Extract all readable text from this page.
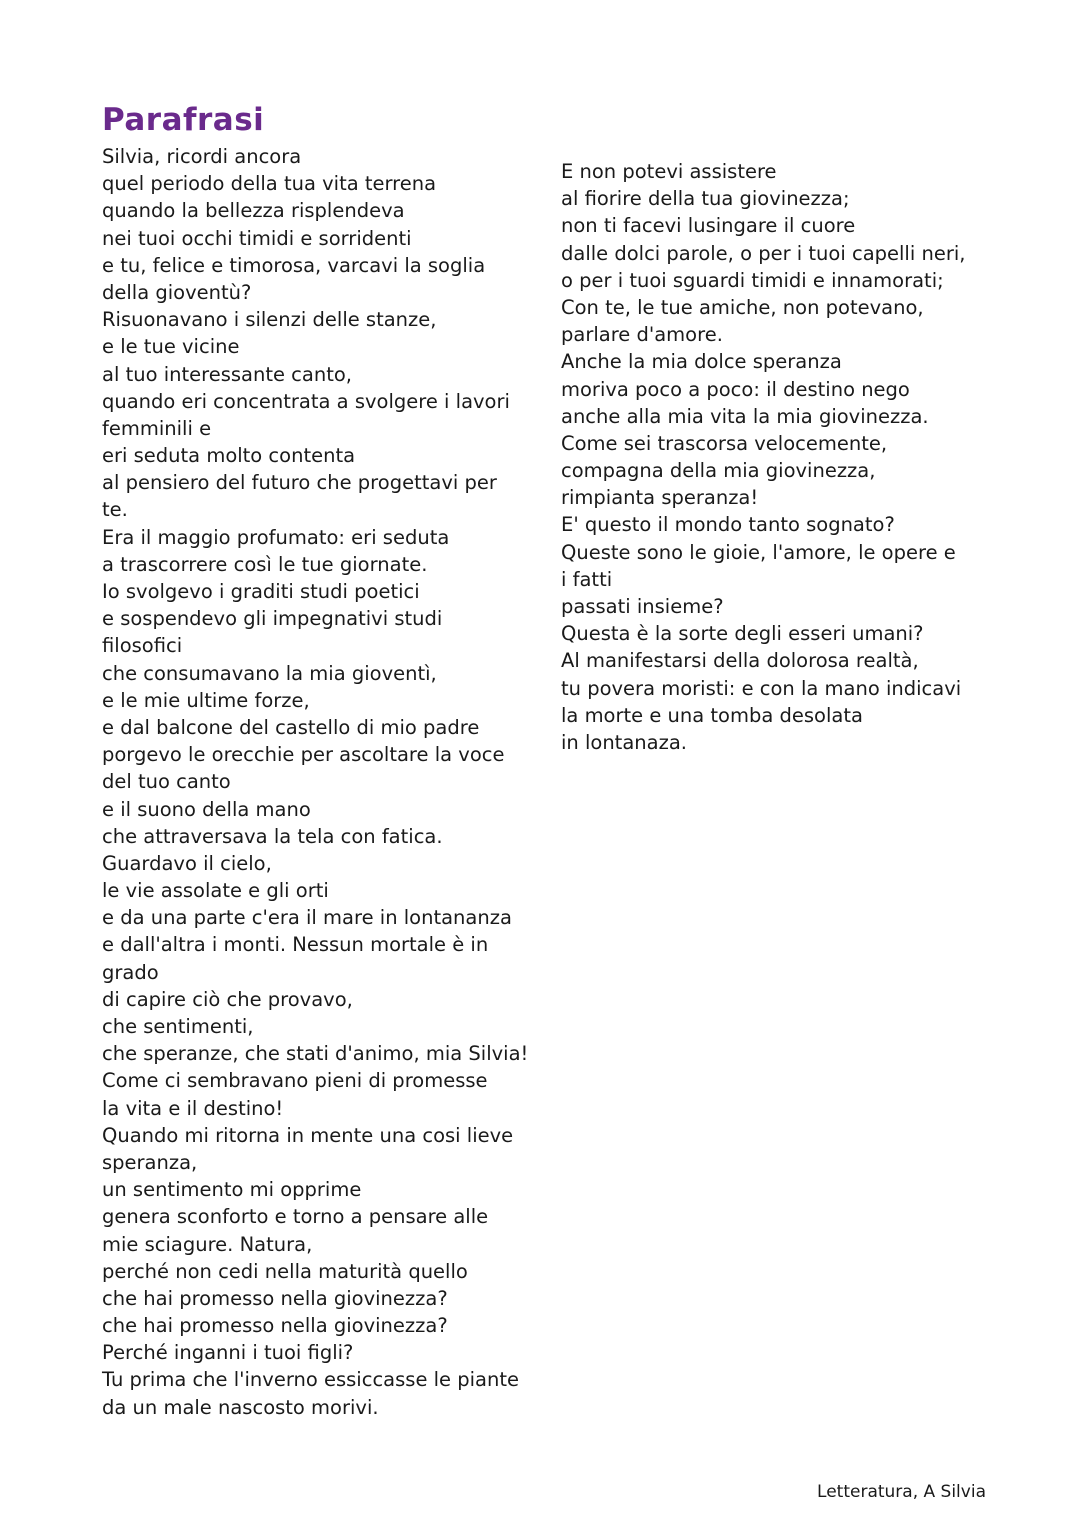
Parafrasi
Silvia, ricordi ancora
quel periodo della tua vita terrena
quando la bellezza risplendeva
nei tuoi occhi timidi e sorridenti
e tu, felice e timorosa, varcavi la soglia
della gioventù?
Risuonavano i silenzi delle stanze,
e le tue vicine
al tuo interessante canto,
quando eri concentrata a svolgere i lavori
femminili e
eri seduta molto contenta
al pensiero del futuro che progettavi per
te.
Era il maggio profumato: eri seduta
a trascorrere così le tue giornate.
Io svolgevo i graditi studi poetici
e sospendevo gli impegnativi studi
filosofici
che consumavano la mia gioventì,
e le mie ultime forze,
e dal balcone del castello di mio padre
porgevo le orecchie per ascoltare la voce
del tuo canto
e il suono della mano
che attraversava la tela con fatica.
Guardavo il cielo,
le vie assolate e gli orti
e da una parte c'era il mare in lontananza
e dall'altra i monti. Nessun mortale è in
grado
di capire ciò che provavo,
che sentimenti,
che speranze, che stati d'animo, mia Silvia!
Come ci sembravano pieni di promesse
la vita e il destino!
Quando mi ritorna in mente una cosi lieve
speranza,
un sentimento mi opprime
genera sconforto e torno a pensare alle
mie sciagure. Natura,
perché non cedi nella maturità quello
che hai promesso nella giovinezza?
che hai promesso nella giovinezza?
Perché inganni i tuoi figli?
Tu prima che l'inverno essiccasse le piante
da un male nascosto morivi.
E non potevi assistere
al fiorire della tua giovinezza;
non ti facevi lusingare il cuore
dalle dolci parole, o per i tuoi capelli neri,
o per i tuoi sguardi timidi e innamorati;
Con te, le tue amiche, non potevano,
parlare d'amore.
Anche la mia dolce speranza
moriva poco a poco: il destino nego
anche alla mia vita la mia giovinezza.
Come sei trascorsa velocemente,
compagna della mia giovinezza,
rimpianta speranza!
E' questo il mondo tanto sognato?
Queste sono le gioie, l'amore, le opere e
i fatti
passati insieme?
Questa è la sorte degli esseri umani?
Al manifestarsi della dolorosa realtà,
tu povera moristi: e con la mano indicavi
la morte e una tomba desolata
in lontanaza.
Letteratura, A Silvia
